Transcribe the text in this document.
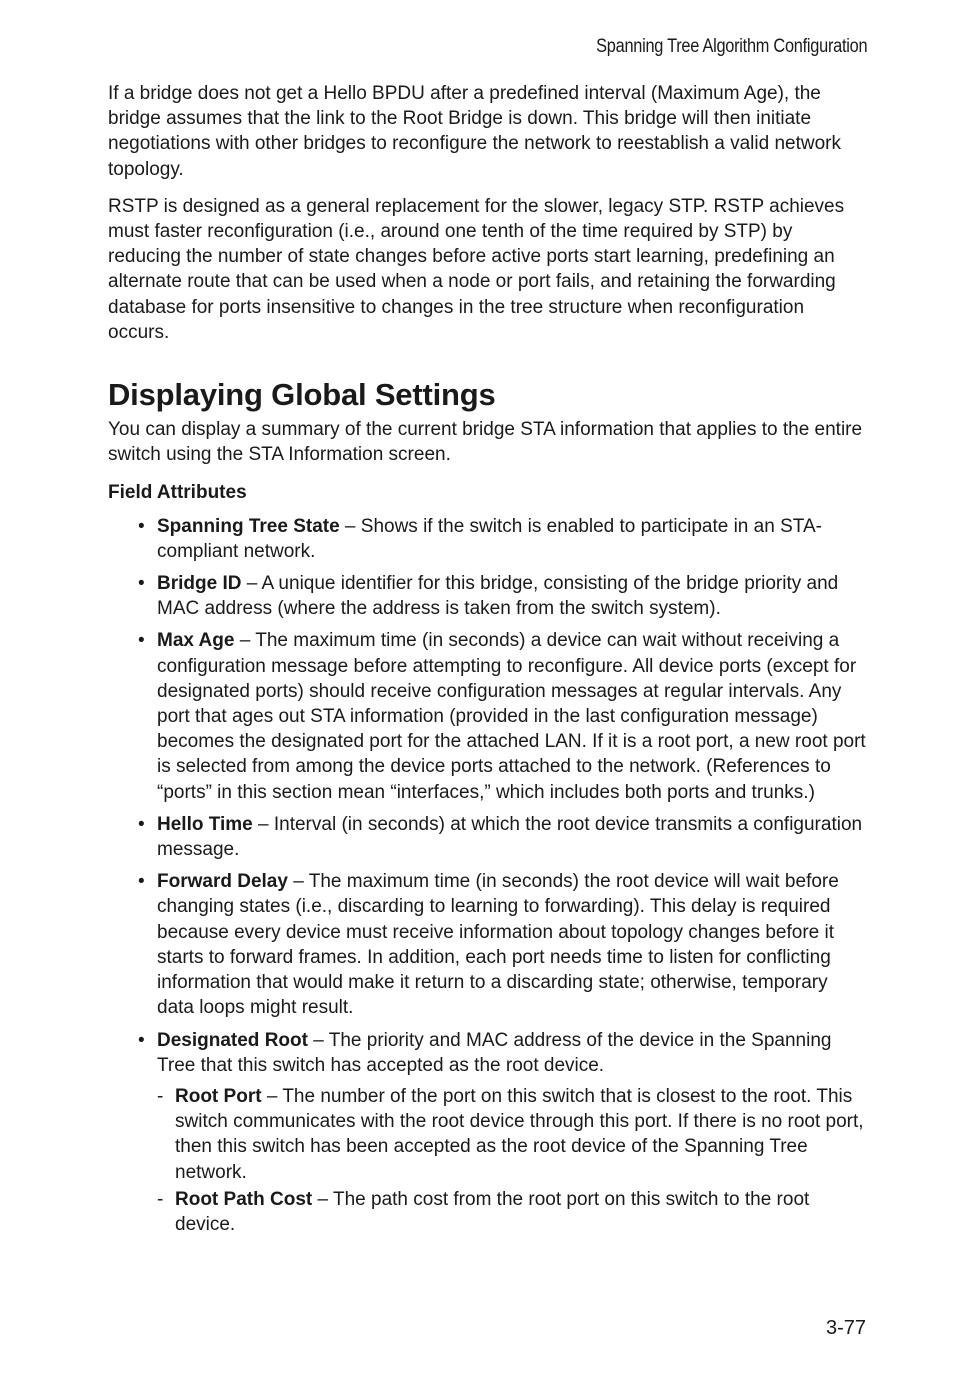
Spanning Tree Algorithm Configuration

If a bridge does not get a Hello BPDU after a predefined interval (Maximum Age), the bridge assumes that the link to the Root Bridge is down. This bridge will then initiate negotiations with other bridges to reconfigure the network to reestablish a valid network topology.

RSTP is designed as a general replacement for the slower, legacy STP. RSTP achieves must faster reconfiguration (i.e., around one tenth of the time required by STP) by reducing the number of state changes before active ports start learning, predefining an alternate route that can be used when a node or port fails, and retaining the forwarding database for ports insensitive to changes in the tree structure when reconfiguration occurs.

Displaying Global Settings

You can display a summary of the current bridge STA information that applies to the entire switch using the STA Information screen.

Field Attributes

• Spanning Tree State – Shows if the switch is enabled to participate in an STA-compliant network.
• Bridge ID – A unique identifier for this bridge, consisting of the bridge priority and MAC address (where the address is taken from the switch system).
• Max Age – The maximum time (in seconds) a device can wait without receiving a configuration message before attempting to reconfigure. All device ports (except for designated ports) should receive configuration messages at regular intervals. Any port that ages out STA information (provided in the last configuration message) becomes the designated port for the attached LAN. If it is a root port, a new root port is selected from among the device ports attached to the network. (References to “ports” in this section mean “interfaces,” which includes both ports and trunks.)
• Hello Time – Interval (in seconds) at which the root device transmits a configuration message.
• Forward Delay – The maximum time (in seconds) the root device will wait before changing states (i.e., discarding to learning to forwarding). This delay is required because every device must receive information about topology changes before it starts to forward frames. In addition, each port needs time to listen for conflicting information that would make it return to a discarding state; otherwise, temporary data loops might result.
• Designated Root – The priority and MAC address of the device in the Spanning Tree that this switch has accepted as the root device.
- Root Port – The number of the port on this switch that is closest to the root. This switch communicates with the root device through this port. If there is no root port, then this switch has been accepted as the root device of the Spanning Tree network.
- Root Path Cost – The path cost from the root port on this switch to the root device.
3-77
